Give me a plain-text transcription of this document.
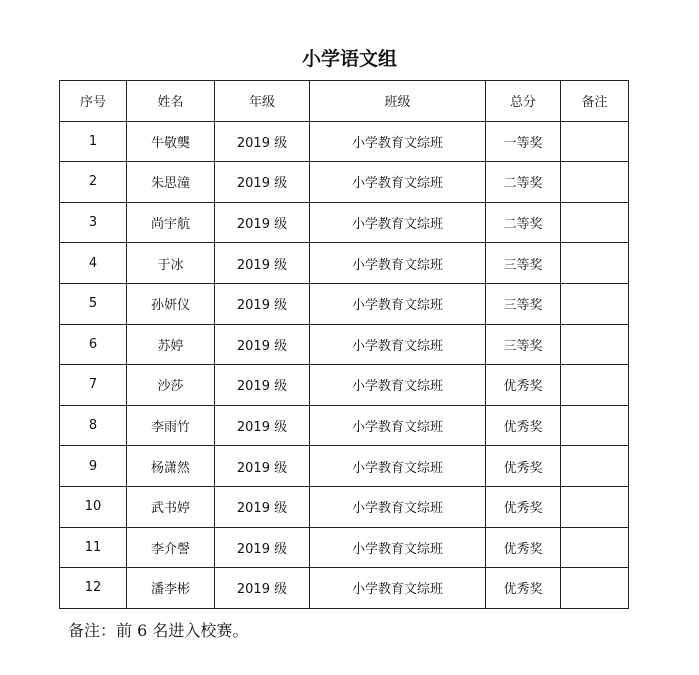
小学语文组
序号	姓名	年级	班级	总分	备注
1	牛敬龑	2019 级	小学教育文综班	一等奖	
2	朱思潼	2019 级	小学教育文综班	二等奖	
3	尚宇航	2019 级	小学教育文综班	二等奖	
4	于冰	2019 级	小学教育文综班	三等奖	
5	孙妍仪	2019 级	小学教育文综班	三等奖	
6	苏婷	2019 级	小学教育文综班	三等奖	
7	沙莎	2019 级	小学教育文综班	优秀奖	
8	李雨竹	2019 级	小学教育文综班	优秀奖	
9	杨潇然	2019 级	小学教育文综班	优秀奖	
10	武书婷	2019 级	小学教育文综班	优秀奖	
11	李介謦	2019 级	小学教育文综班	优秀奖	
12	潘李彬	2019 级	小学教育文综班	优秀奖	
备注：前 6 名进入校赛。
